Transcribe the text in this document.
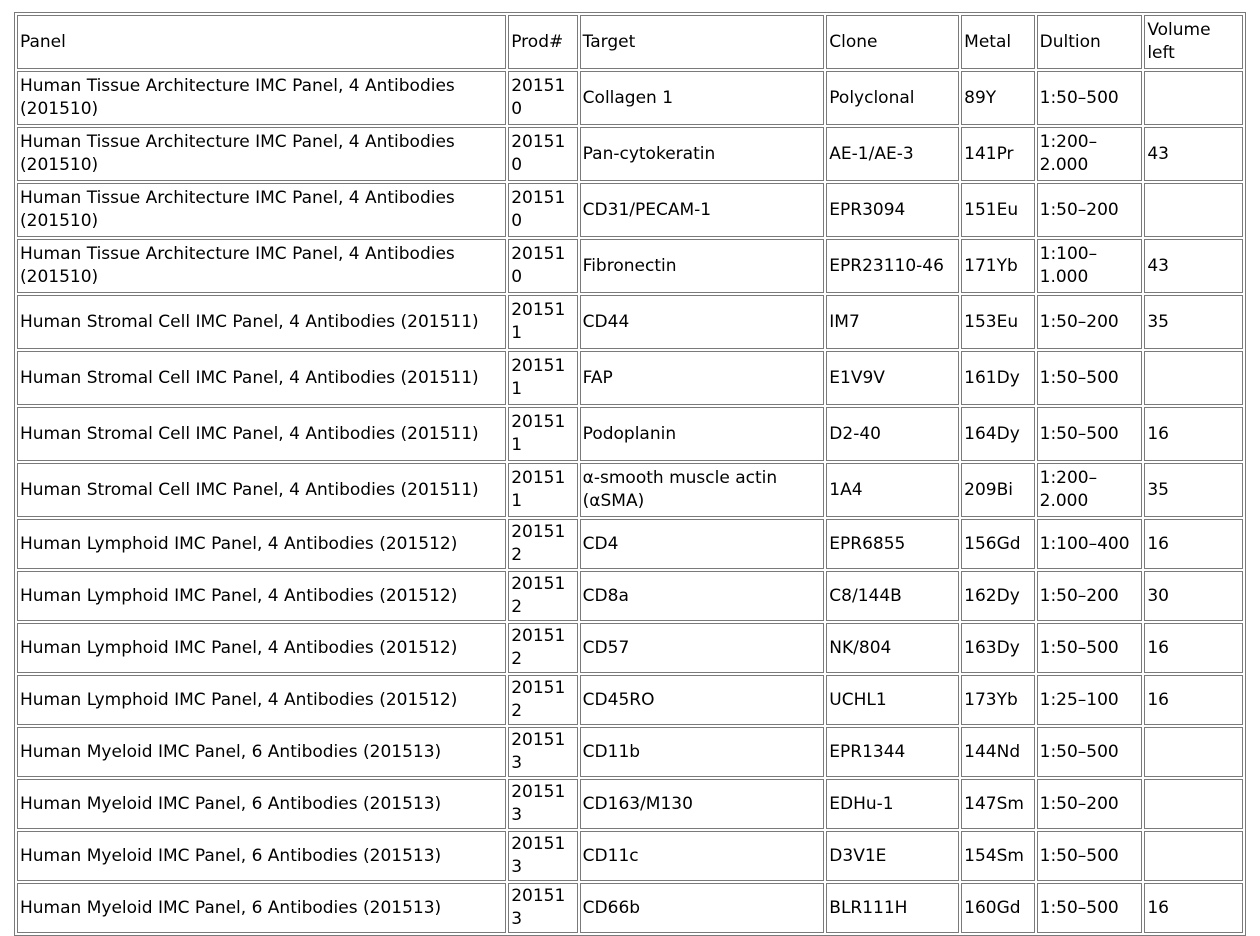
Panel	Prod#	Target	Clone	Metal	Dultion	Volume left
Human Tissue Architecture IMC Panel, 4 Antibodies (201510)	201510	Collagen 1	Polyclonal	89Y	1:50–500	
Human Tissue Architecture IMC Panel, 4 Antibodies (201510)	201510	Pan-cytokeratin	AE-1/AE-3	141Pr	1:200–2.000	43
Human Tissue Architecture IMC Panel, 4 Antibodies (201510)	201510	CD31/PECAM-1	EPR3094	151Eu	1:50–200	
Human Tissue Architecture IMC Panel, 4 Antibodies (201510)	201510	Fibronectin	EPR23110-46	171Yb	1:100–1.000	43
Human Stromal Cell IMC Panel, 4 Antibodies (201511)	201511	CD44	IM7	153Eu	1:50–200	35
Human Stromal Cell IMC Panel, 4 Antibodies (201511)	201511	FAP	E1V9V	161Dy	1:50–500	
Human Stromal Cell IMC Panel, 4 Antibodies (201511)	201511	Podoplanin	D2-40	164Dy	1:50–500	16
Human Stromal Cell IMC Panel, 4 Antibodies (201511)	201511	α-smooth muscle actin (αSMA)	1A4	209Bi	1:200–2.000	35
Human Lymphoid IMC Panel, 4 Antibodies (201512)	201512	CD4	EPR6855	156Gd	1:100–400	16
Human Lymphoid IMC Panel, 4 Antibodies (201512)	201512	CD8a	C8/144B	162Dy	1:50–200	30
Human Lymphoid IMC Panel, 4 Antibodies (201512)	201512	CD57	NK/804	163Dy	1:50–500	16
Human Lymphoid IMC Panel, 4 Antibodies (201512)	201512	CD45RO	UCHL1	173Yb	1:25–100	16
Human Myeloid IMC Panel, 6 Antibodies (201513)	201513	CD11b	EPR1344	144Nd	1:50–500	
Human Myeloid IMC Panel, 6 Antibodies (201513)	201513	CD163/M130	EDHu-1	147Sm	1:50–200	
Human Myeloid IMC Panel, 6 Antibodies (201513)	201513	CD11c	D3V1E	154Sm	1:50–500	
Human Myeloid IMC Panel, 6 Antibodies (201513)	201513	CD66b	BLR111H	160Gd	1:50–500	16
